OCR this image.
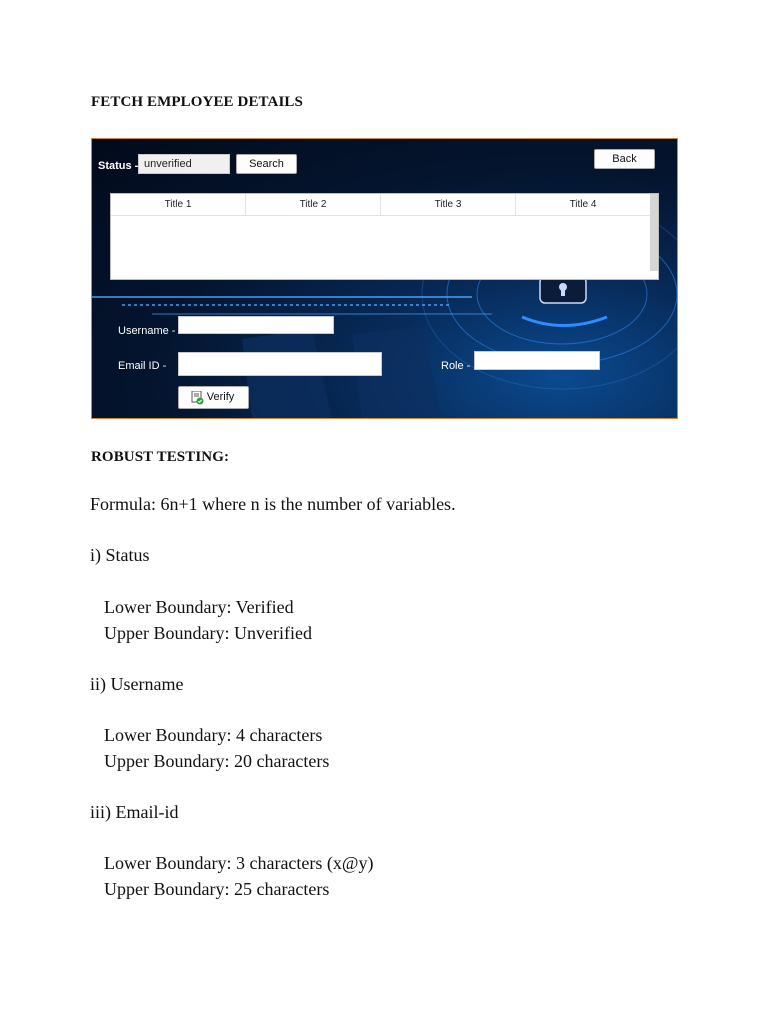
FETCH EMPLOYEE DETAILS
Status - unverified	Search	Back
Title 1	Title 2	Title 3	Title 4
Username -
Email ID -	Role -
Verify
ROBUST TESTING:
Formula: 6n+1 where n is the number of variables.
i) Status
Lower Boundary: Verified
Upper Boundary: Unverified
ii) Username
Lower Boundary: 4 characters
Upper Boundary: 20 characters
iii) Email-id
Lower Boundary: 3 characters (x@y)
Upper Boundary: 25 characters
